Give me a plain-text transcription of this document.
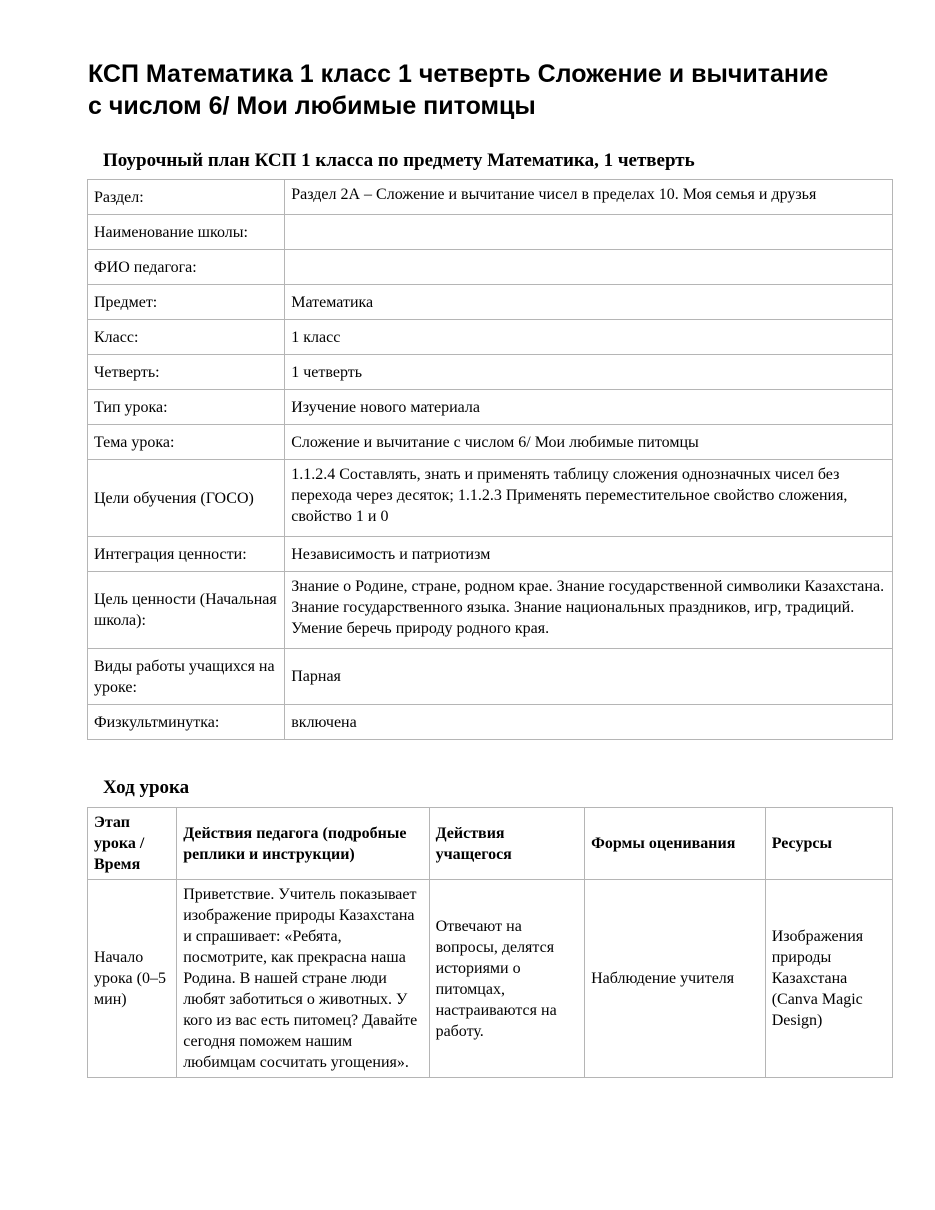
КСП Математика 1 класс 1 четверть Сложение и вычитание с числом 6/ Мои любимые питомцы
Поурочный план КСП 1 класса по предмету Математика, 1 четверть
Раздел:	Раздел 2А – Сложение и вычитание чисел в пределах 10. Моя семья и друзья
Наименование школы:	
ФИО педагога:	
Предмет:	Математика
Класс:	1 класс
Четверть:	1 четверть
Тип урока:	Изучение нового материала
Тема урока:	Сложение и вычитание с числом 6/ Мои любимые питомцы
Цели обучения (ГОСО)	1.1.2.4 Составлять, знать и применять таблицу сложения однозначных чисел без перехода через десяток; 1.1.2.3 Применять переместительное свойство сложения, свойство 1 и 0
Интеграция ценности:	Независимость и патриотизм
Цель ценности (Начальная школа):	Знание о Родине, стране, родном крае. Знание государственной символики Казахстана. Знание государственного языка. Знание национальных праздников, игр, традиций. Умение беречь природу родного края.
Виды работы учащихся на уроке:	Парная
Физкультминутка:	включена
Ход урока
Этап урока / Время	Действия педагога (подробные реплики и инструкции)	Действия учащегося	Формы оценивания	Ресурсы
Начало урока (0–5 мин)	Приветствие. Учитель показывает изображение природы Казахстана и спрашивает: «Ребята, посмотрите, как прекрасна наша Родина. В нашей стране люди любят заботиться о животных. У кого из вас есть питомец? Давайте сегодня поможем нашим любимцам сосчитать угощения».	Отвечают на вопросы, делятся историями о питомцах, настраиваются на работу.	Наблюдение учителя	Изображения природы Казахстана (Canva Magic Design)
